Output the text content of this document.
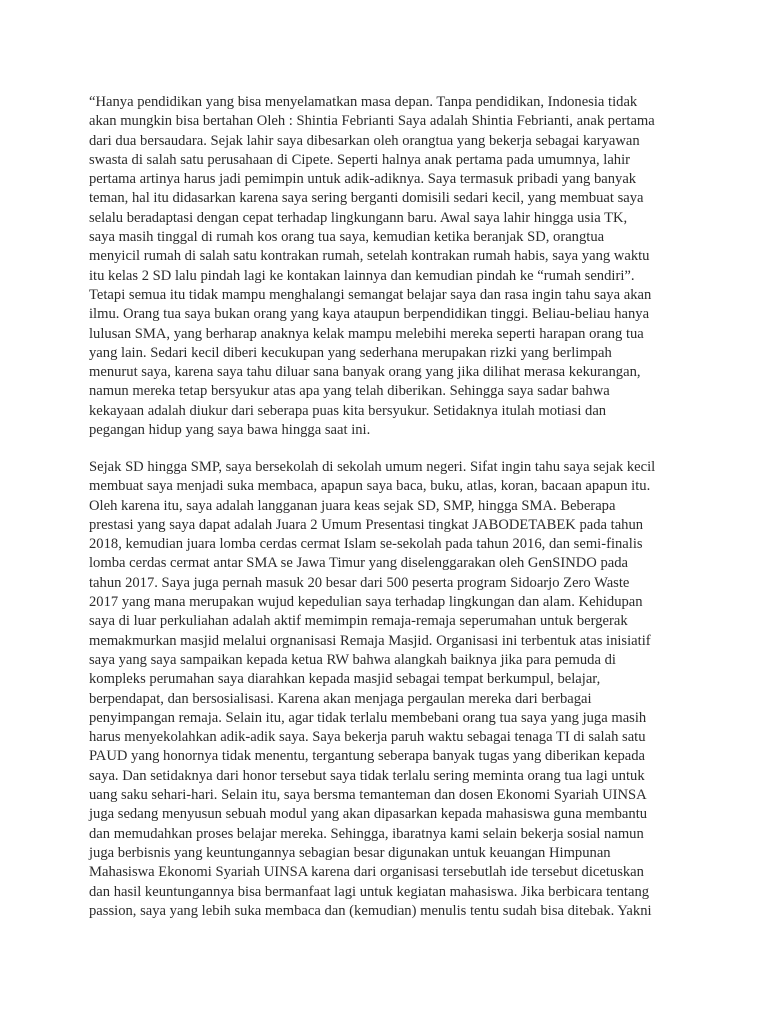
“Hanya pendidikan yang bisa menyelamatkan masa depan. Tanpa pendidikan, Indonesia tidak
akan mungkin bisa bertahan Oleh : Shintia Febrianti Saya adalah Shintia Febrianti, anak pertama
dari dua bersaudara. Sejak lahir saya dibesarkan oleh orangtua yang bekerja sebagai karyawan
swasta di salah satu perusahaan di Cipete. Seperti halnya anak pertama pada umumnya, lahir
pertama artinya harus jadi pemimpin untuk adik-adiknya. Saya termasuk pribadi yang banyak
teman, hal itu didasarkan karena saya sering berganti domisili sedari kecil, yang membuat saya
selalu beradaptasi dengan cepat terhadap lingkungann baru. Awal saya lahir hingga usia TK,
saya masih tinggal di rumah kos orang tua saya, kemudian ketika beranjak SD, orangtua
menyicil rumah di salah satu kontrakan rumah, setelah kontrakan rumah habis, saya yang waktu
itu kelas 2 SD lalu pindah lagi ke kontakan lainnya dan kemudian pindah ke “rumah sendiri”.
Tetapi semua itu tidak mampu menghalangi semangat belajar saya dan rasa ingin tahu saya akan
ilmu. Orang tua saya bukan orang yang kaya ataupun berpendidikan tinggi. Beliau-beliau hanya
lulusan SMA, yang berharap anaknya kelak mampu melebihi mereka seperti harapan orang tua
yang lain. Sedari kecil diberi kecukupan yang sederhana merupakan rizki yang berlimpah
menurut saya, karena saya tahu diluar sana banyak orang yang jika dilihat merasa kekurangan,
namun mereka tetap bersyukur atas apa yang telah diberikan. Sehingga saya sadar bahwa
kekayaan adalah diukur dari seberapa puas kita bersyukur. Setidaknya itulah motiasi dan
pegangan hidup yang saya bawa hingga saat ini.
Sejak SD hingga SMP, saya bersekolah di sekolah umum negeri. Sifat ingin tahu saya sejak kecil
membuat saya menjadi suka membaca, apapun saya baca, buku, atlas, koran, bacaan apapun itu.
Oleh karena itu, saya adalah langganan juara keas sejak SD, SMP, hingga SMA. Beberapa
prestasi yang saya dapat adalah Juara 2 Umum Presentasi tingkat JABODETABEK pada tahun
2018, kemudian juara lomba cerdas cermat Islam se-sekolah pada tahun 2016, dan semi-finalis
lomba cerdas cermat antar SMA se Jawa Timur yang diselenggarakan oleh GenSINDO pada
tahun 2017. Saya juga pernah masuk 20 besar dari 500 peserta program Sidoarjo Zero Waste
2017 yang mana merupakan wujud kepedulian saya terhadap lingkungan dan alam. Kehidupan
saya di luar perkuliahan adalah aktif memimpin remaja-remaja seperumahan untuk bergerak
memakmurkan masjid melalui orgnanisasi Remaja Masjid. Organisasi ini terbentuk atas inisiatif
saya yang saya sampaikan kepada ketua RW bahwa alangkah baiknya jika para pemuda di
kompleks perumahan saya diarahkan kepada masjid sebagai tempat berkumpul, belajar,
berpendapat, dan bersosialisasi. Karena akan menjaga pergaulan mereka dari berbagai
penyimpangan remaja. Selain itu, agar tidak terlalu membebani orang tua saya yang juga masih
harus menyekolahkan adik-adik saya. Saya bekerja paruh waktu sebagai tenaga TI di salah satu
PAUD yang honornya tidak menentu, tergantung seberapa banyak tugas yang diberikan kepada
saya. Dan setidaknya dari honor tersebut saya tidak terlalu sering meminta orang tua lagi untuk
uang saku sehari-hari. Selain itu, saya bersma temanteman dan dosen Ekonomi Syariah UINSA
juga sedang menyusun sebuah modul yang akan dipasarkan kepada mahasiswa guna membantu
dan memudahkan proses belajar mereka. Sehingga, ibaratnya kami selain bekerja sosial namun
juga berbisnis yang keuntungannya sebagian besar digunakan untuk keuangan Himpunan
Mahasiswa Ekonomi Syariah UINSA karena dari organisasi tersebutlah ide tersebut dicetuskan
dan hasil keuntungannya bisa bermanfaat lagi untuk kegiatan mahasiswa. Jika berbicara tentang
passion, saya yang lebih suka membaca dan (kemudian) menulis tentu sudah bisa ditebak. Yakni
